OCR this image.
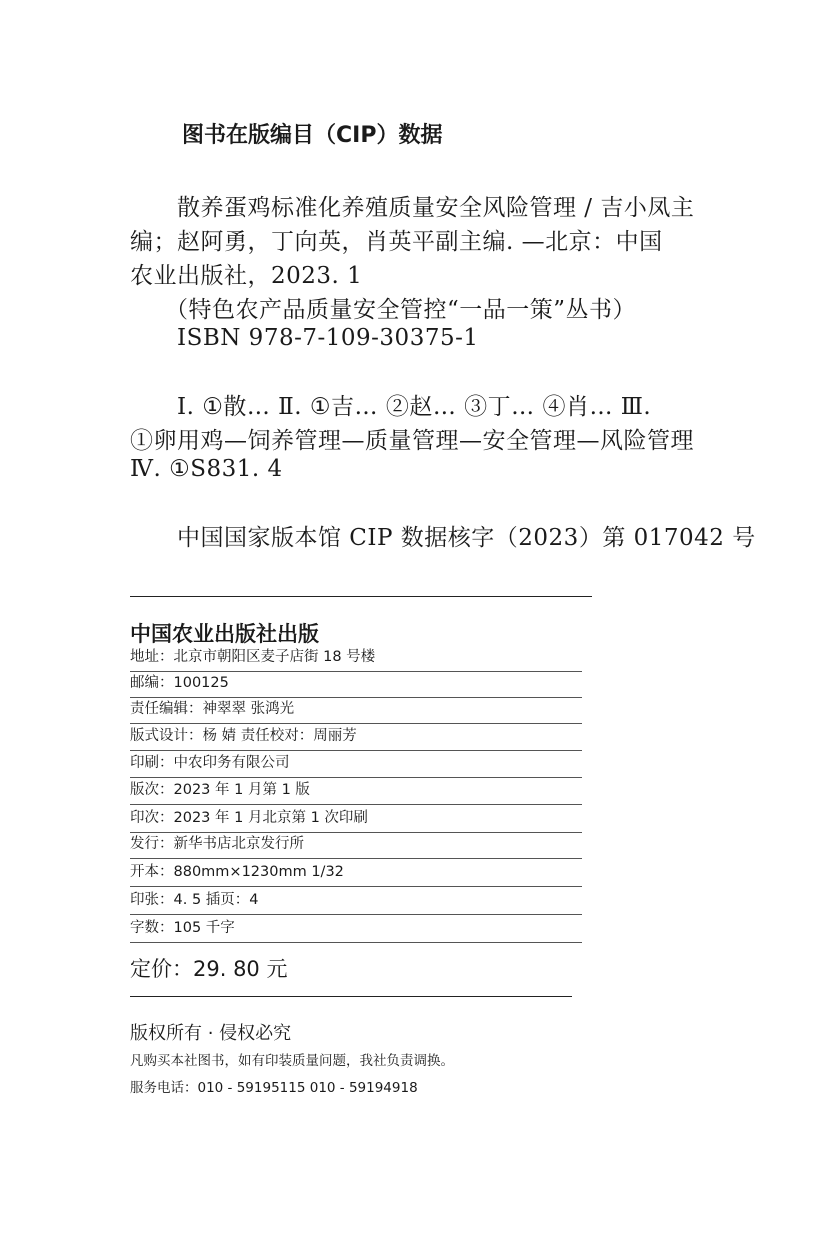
图书在版编目（CIP）数据
散养蛋鸡标准化养殖质量安全风险管理 / 吉小凤主
编；赵阿勇，丁向英，肖英平副主编. —北京：中国
农业出版社，2023. 1
（特色农产品质量安全管控“一品一策”丛书）
ISBN 978-7-109-30375-1
Ⅰ. ①散… Ⅱ. ①吉… ②赵… ③丁… ④肖… Ⅲ.
①卵用鸡—饲养管理—质量管理—安全管理—风险管理
Ⅳ. ①S831. 4
中国国家版本馆 CIP 数据核字（2023）第 017042 号
中国农业出版社出版
地址：北京市朝阳区麦子店街 18 号楼
邮编：100125
责任编辑：神翠翠 张鸿光
版式设计：杨 婧 责任校对：周丽芳
印刷：中农印务有限公司
版次：2023 年 1 月第 1 版
印次：2023 年 1 月北京第 1 次印刷
发行：新华书店北京发行所
开本：880mm×1230mm 1/32
印张：4. 5 插页：4
字数：105 千字
定价：29. 80 元
版权所有 · 侵权必究
凡购买本社图书，如有印装质量问题，我社负责调换。
服务电话：010 - 59195115 010 - 59194918
